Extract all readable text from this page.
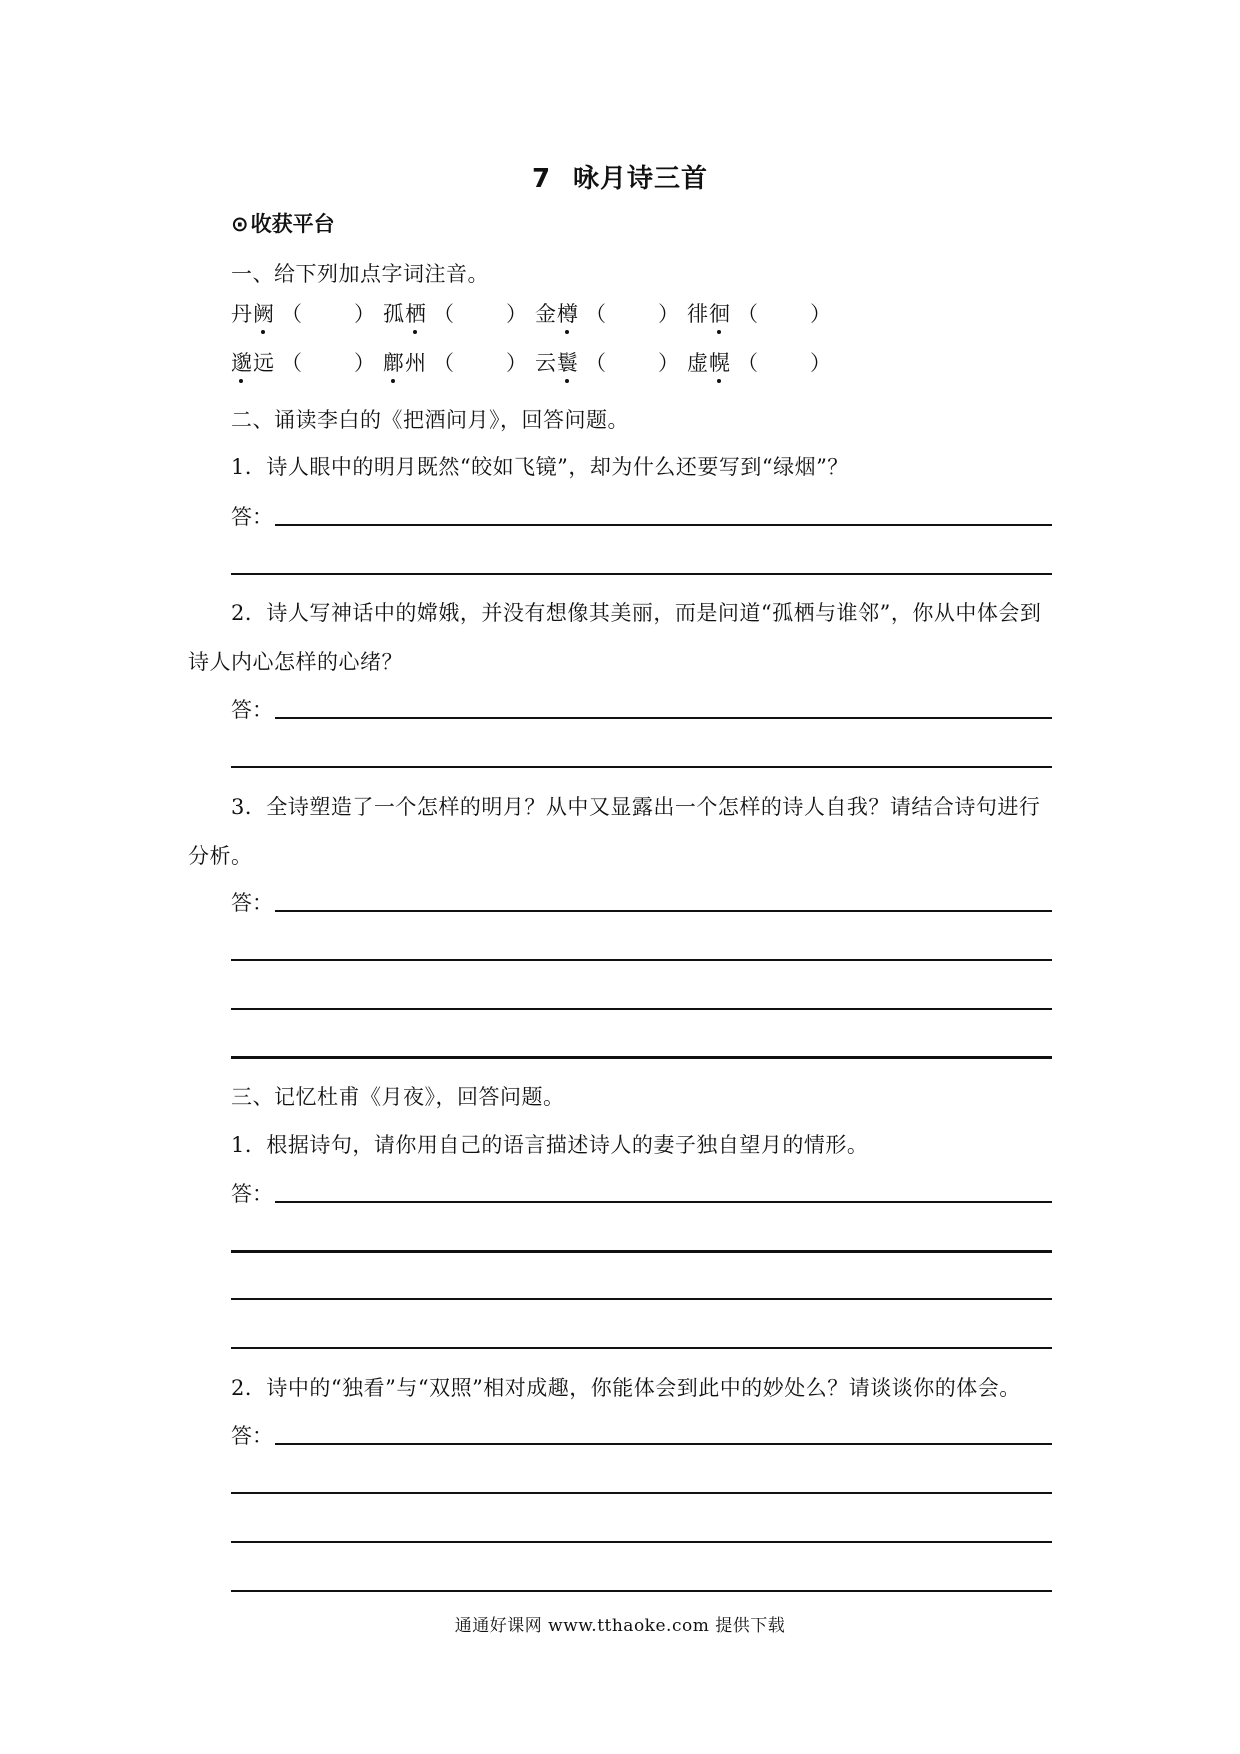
7 咏月诗三首
⊙收获平台
一、给下列加点字词注音。
丹阙 （ ） 孤栖 （ ） 金樽 （ ） 徘徊 （ ）
邈远 （ ） 鄜州 （ ） 云鬟 （ ） 虚幌 （ ）
二、诵读李白的《把酒问月》，回答问题。
1．诗人眼中的明月既然“皎如飞镜”，却为什么还要写到“绿烟”？
答：
2．诗人写神话中的嫦娥，并没有想像其美丽，而是问道“孤栖与谁邻”，你从中体会到
诗人内心怎样的心绪？
答：
3．全诗塑造了一个怎样的明月？从中又显露出一个怎样的诗人自我？请结合诗句进行
分析。
答：
三、记忆杜甫《月夜》，回答问题。
1．根据诗句，请你用自己的语言描述诗人的妻子独自望月的情形。
答：
2．诗中的“独看”与“双照”相对成趣，你能体会到此中的妙处么？请谈谈你的体会。
答：
通通好课网 www.tthaoke.com 提供下载
